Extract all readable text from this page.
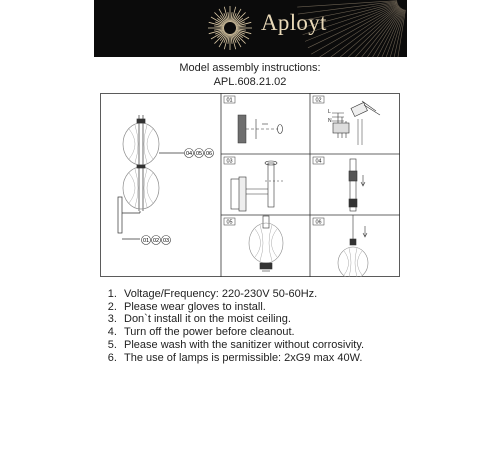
Aployt
Model assembly instructions:
APL.608.21.02
04 05 06
01 02 03
01	02
L
N
03	04
05	06
1. Voltage/Frequency: 220-230V 50-60Hz.
2. Please wear gloves to install.
3. Don`t install it on the moist ceiling.
4. Turn off the power before cleanout.
5. Please wash with the sanitizer without corrosivity.
6. The use of lamps is permissible: 2xG9 max 40W.
